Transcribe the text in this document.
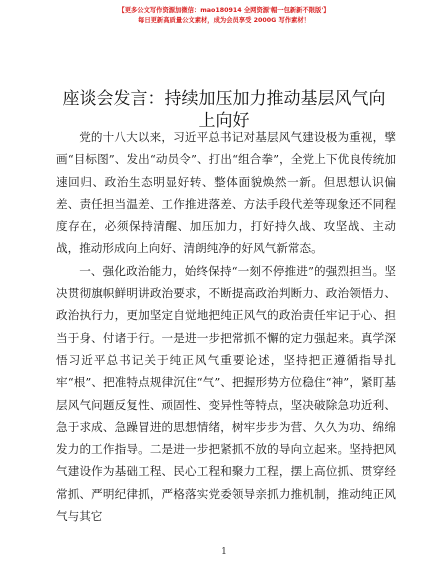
【更多公文写作资源加微信：mao180914 全网资源'帽一包新新不限版'】
每日更新高质量公文素材，成为会员享受 2000G 写作素材！
座谈会发言：持续加压加力推动基层风气向上向好

党的十八大以来，习近平总书记对基层风气建设极为重视，擘画“目标图”、发出“动员令”、打出“组合拳”，全党上下优良传统加速回归、政治生态明显好转、整体面貌焕然一新。但思想认识偏差、责任担当温差、工作推进落差、方法手段代差等现象还不同程度存在，必须保持清醒、加压加力，打好持久战、攻坚战、主动战，推动形成向上向好、清朗纯净的好风气新常态。

一、强化政治能力，始终保持“一刻不停推进”的强烈担当。坚决贯彻旗帜鲜明讲政治要求，不断提高政治判断力、政治领悟力、政治执行力，更加坚定自觉地把纯正风气的政治责任牢记于心、担当于身、付诸于行。一是进一步把常抓不懈的定力强起来。真学深悟习近平总书记关于纯正风气重要论述，坚持把正遵循指导扎牢“根”、把准特点规律沉住“气”、把握形势方位稳住“神”，紧盯基层风气问题反复性、顽固性、变异性等特点，坚决破除急功近利、急于求成、急躁冒进的思想情绪，树牢步步为营、久久为功、绵绵发力的工作指导。二是进一步把紧抓不放的导向立起来。坚持把风气建设作为基础工程、民心工程和聚力工程，摆上高位抓、贯穿经常抓、严明纪律抓，严格落实党委领导亲抓力推机制，推动纯正风气与其它

1
